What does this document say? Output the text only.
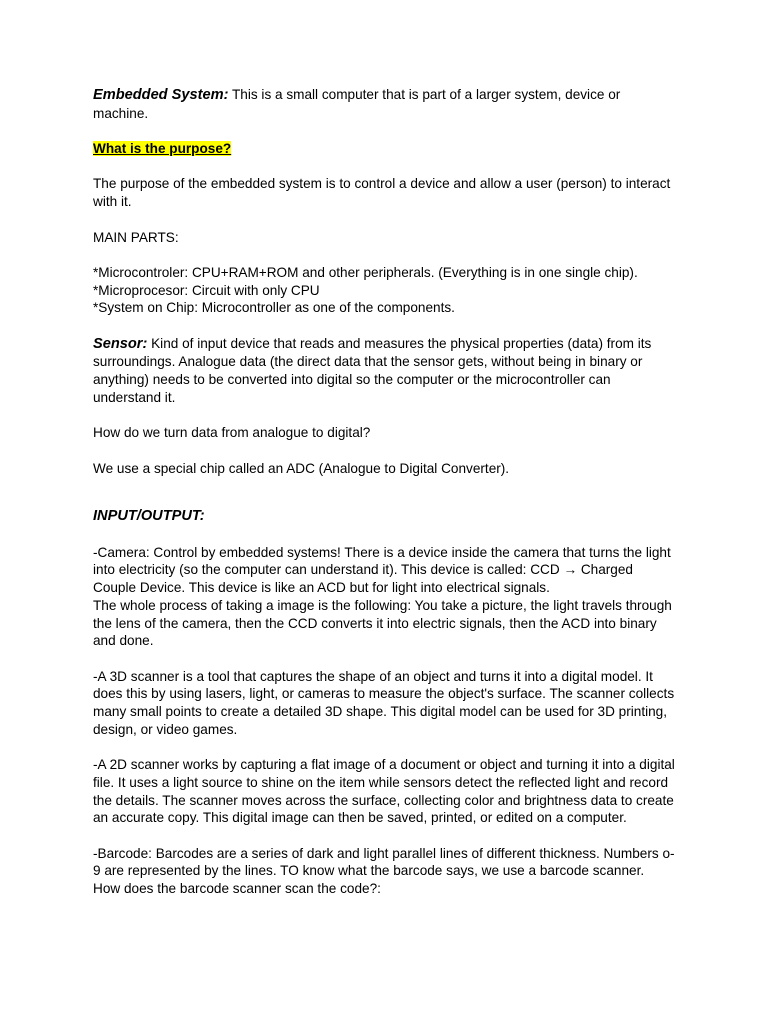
Embedded System: This is a small computer that is part of a larger system, device or machine.

What is the purpose?

The purpose of the embedded system is to control a device and allow a user (person) to interact with it.

MAIN PARTS:

*Microcontroler: CPU+RAM+ROM and other peripherals. (Everything is in one single chip).

*Microprocesor: Circuit with only CPU

*System on Chip: Microcontroller as one of the components.

Sensor: Kind of input device that reads and measures the physical properties (data) from its surroundings. Analogue data (the direct data that the sensor gets, without being in binary or anything) needs to be converted into digital so the computer or the microcontroller can understand it.

How do we turn data from analogue to digital?

We use a special chip called an ADC (Analogue to Digital Converter).

INPUT/OUTPUT:

-Camera: Control by embedded systems! There is a device inside the camera that turns the light into electricity (so the computer can understand it). This device is called: CCD → Charged Couple Device. This device is like an ACD but for light into electrical signals.

The whole process of taking a image is the following: You take a picture, the light travels through the lens of the camera, then the CCD converts it into electric signals, then the ACD into binary and done.

-A 3D scanner is a tool that captures the shape of an object and turns it into a digital model. It does this by using lasers, light, or cameras to measure the object's surface. The scanner collects many small points to create a detailed 3D shape. This digital model can be used for 3D printing, design, or video games.

-A 2D scanner works by capturing a flat image of a document or object and turning it into a digital file. It uses a light source to shine on the item while sensors detect the reflected light and record the details. The scanner moves across the surface, collecting color and brightness data to create an accurate copy. This digital image can then be saved, printed, or edited on a computer.

-Barcode: Barcodes are a series of dark and light parallel lines of different thickness. Numbers o-9 are represented by the lines. TO know what the barcode says, we use a barcode scanner. How does the barcode scanner scan the code?:
